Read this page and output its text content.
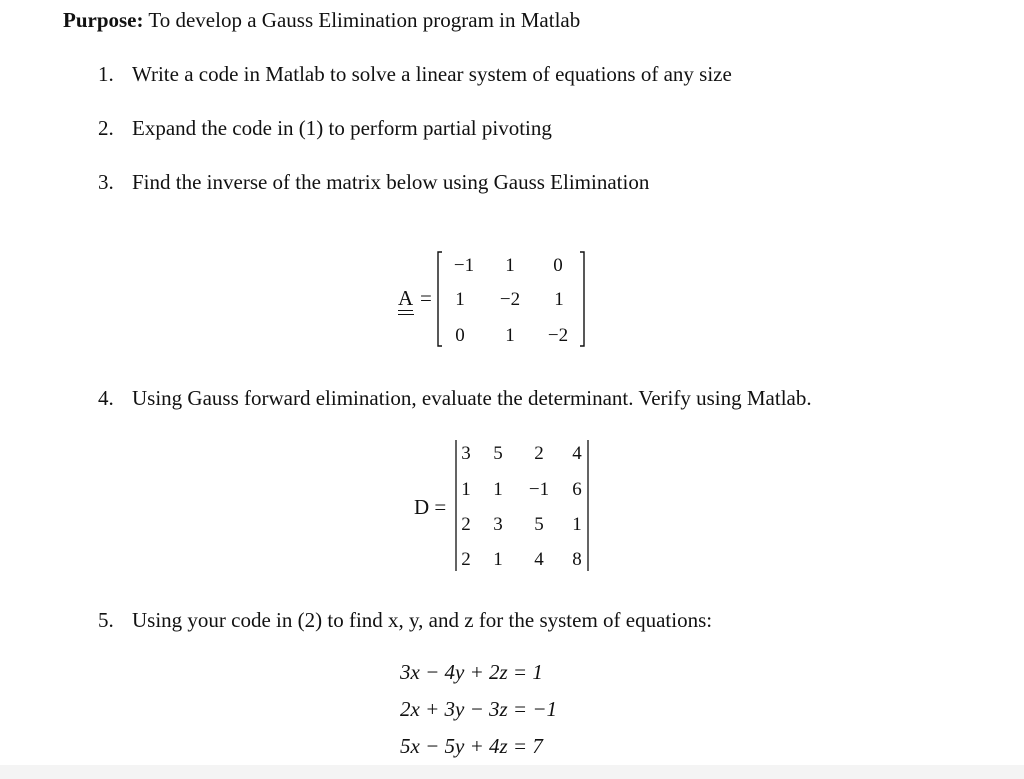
Purpose: To develop a Gauss Elimination program in Matlab
1. Write a code in Matlab to solve a linear system of equations of any size
2. Expand the code in (1) to perform partial pivoting
3. Find the inverse of the matrix below using Gauss Elimination
A =
−1	1	0
1	−2	1
0	1	−2
4. Using Gauss forward elimination, evaluate the determinant. Verify using Matlab.
D =
3	5	2	4
1	1	−1	6
2	3	5	1
2	1	4	8
5. Using your code in (2) to find x, y, and z for the system of equations:
3x − 4y + 2z = 1
2x + 3y − 3z = −1
5x − 5y + 4z = 7
